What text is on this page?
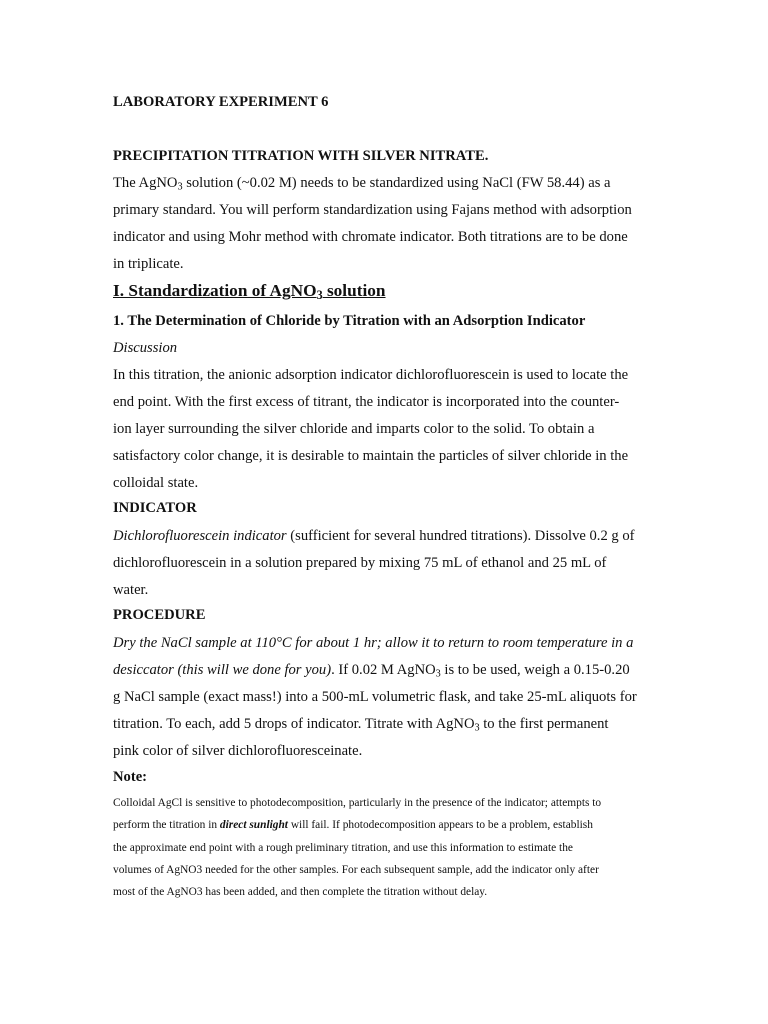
LABORATORY EXPERIMENT 6
PRECIPITATION TITRATION WITH SILVER NITRATE.
The AgNO$_3$ solution (~0.02 M) needs to be standardized using NaCl (FW 58.44) as a
primary standard. You will perform standardization using Fajans method with adsorption
indicator and using Mohr method with chromate indicator. Both titrations are to be done
in triplicate.
I. Standardization of AgNO$_3$ solution
1. The Determination of Chloride by Titration with an Adsorption Indicator
Discussion
In this titration, the anionic adsorption indicator dichlorofluorescein is used to locate the
end point. With the first excess of titrant, the indicator is incorporated into the counter-
ion layer surrounding the silver chloride and imparts color to the solid. To obtain a
satisfactory color change, it is desirable to maintain the particles of silver chloride in the
colloidal state.
INDICATOR
Dichlorofluorescein indicator (sufficient for several hundred titrations). Dissolve 0.2 g of
dichlorofluorescein in a solution prepared by mixing 75 mL of ethanol and 25 mL of
water.
PROCEDURE
Dry the NaCl sample at 110°C for about 1 hr; allow it to return to room temperature in a
desiccator (this will we done for you). If 0.02 M AgNO$_3$ is to be used, weigh a 0.15-0.20
g NaCl sample (exact mass!) into a 500-mL volumetric flask, and take 25-mL aliquots for
titration. To each, add 5 drops of indicator. Titrate with AgNO$_3$ to the first permanent
pink color of silver dichlorofluoresceinate.
Note:
Colloidal AgCl is sensitive to photodecomposition, particularly in the presence of the indicator; attempts to
perform the titration in direct sunlight will fail. If photodecomposition appears to be a problem, establish
the approximate end point with a rough preliminary titration, and use this information to estimate the
volumes of AgNO3 needed for the other samples. For each subsequent sample, add the indicator only after
most of the AgNO3 has been added, and then complete the titration without delay.
